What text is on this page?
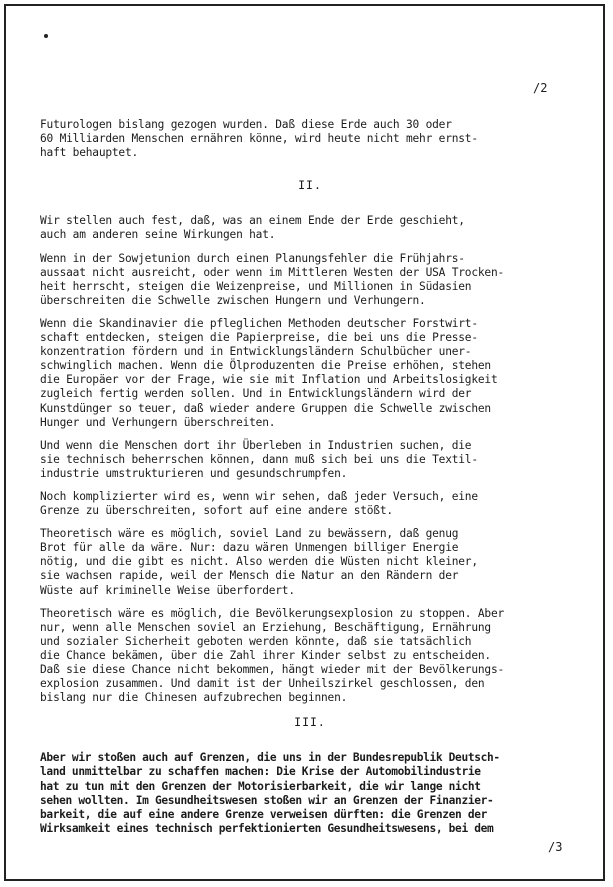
/2

Futurologen bislang gezogen wurden. Daß diese Erde auch 30 oder
60 Milliarden Menschen ernähren könne, wird heute nicht mehr ernst-
haft behauptet.

II.

Wir stellen auch fest, daß, was an einem Ende der Erde geschieht,
auch am anderen seine Wirkungen hat.

Wenn in der Sowjetunion durch einen Planungsfehler die Frühjahrs-
aussaat nicht ausreicht, oder wenn im Mittleren Westen der USA Trocken-
heit herrscht, steigen die Weizenpreise, und Millionen in Südasien
überschreiten die Schwelle zwischen Hungern und Verhungern.

Wenn die Skandinavier die pfleglichen Methoden deutscher Forstwirt-
schaft entdecken, steigen die Papierpreise, die bei uns die Presse-
konzentration fördern und in Entwicklungsländern Schulbücher uner-
schwinglich machen. Wenn die Ölproduzenten die Preise erhöhen, stehen
die Europäer vor der Frage, wie sie mit Inflation und Arbeitslosigkeit
zugleich fertig werden sollen. Und in Entwicklungsländern wird der
Kunstdünger so teuer, daß wieder andere Gruppen die Schwelle zwischen
Hunger und Verhungern überschreiten.

Und wenn die Menschen dort ihr Überleben in Industrien suchen, die
sie technisch beherrschen können, dann muß sich bei uns die Textil-
industrie umstrukturieren und gesundschrumpfen.

Noch komplizierter wird es, wenn wir sehen, daß jeder Versuch, eine
Grenze zu überschreiten, sofort auf eine andere stößt.

Theoretisch wäre es möglich, soviel Land zu bewässern, daß genug
Brot für alle da wäre. Nur: dazu wären Unmengen billiger Energie
nötig, und die gibt es nicht. Also werden die Wüsten nicht kleiner,
sie wachsen rapide, weil der Mensch die Natur an den Rändern der
Wüste auf kriminelle Weise überfordert.

Theoretisch wäre es möglich, die Bevölkerungsexplosion zu stoppen. Aber
nur, wenn alle Menschen soviel an Erziehung, Beschäftigung, Ernährung
und sozialer Sicherheit geboten werden könnte, daß sie tatsächlich
die Chance bekämen, über die Zahl ihrer Kinder selbst zu entscheiden.
Daß sie diese Chance nicht bekommen, hängt wieder mit der Bevölkerungs-
explosion zusammen. Und damit ist der Unheilszirkel geschlossen, den
bislang nur die Chinesen aufzubrechen beginnen.

III.

Aber wir stoßen auch auf Grenzen, die uns in der Bundesrepublik Deutsch-
land unmittelbar zu schaffen machen: Die Krise der Automobilindustrie
hat zu tun mit den Grenzen der Motorisierbarkeit, die wir lange nicht
sehen wollten. Im Gesundheitswesen stoßen wir an Grenzen der Finanzier-
barkeit, die auf eine andere Grenze verweisen dürften: die Grenzen der
Wirksamkeit eines technisch perfektionierten Gesundheitswesens, bei dem

/3
